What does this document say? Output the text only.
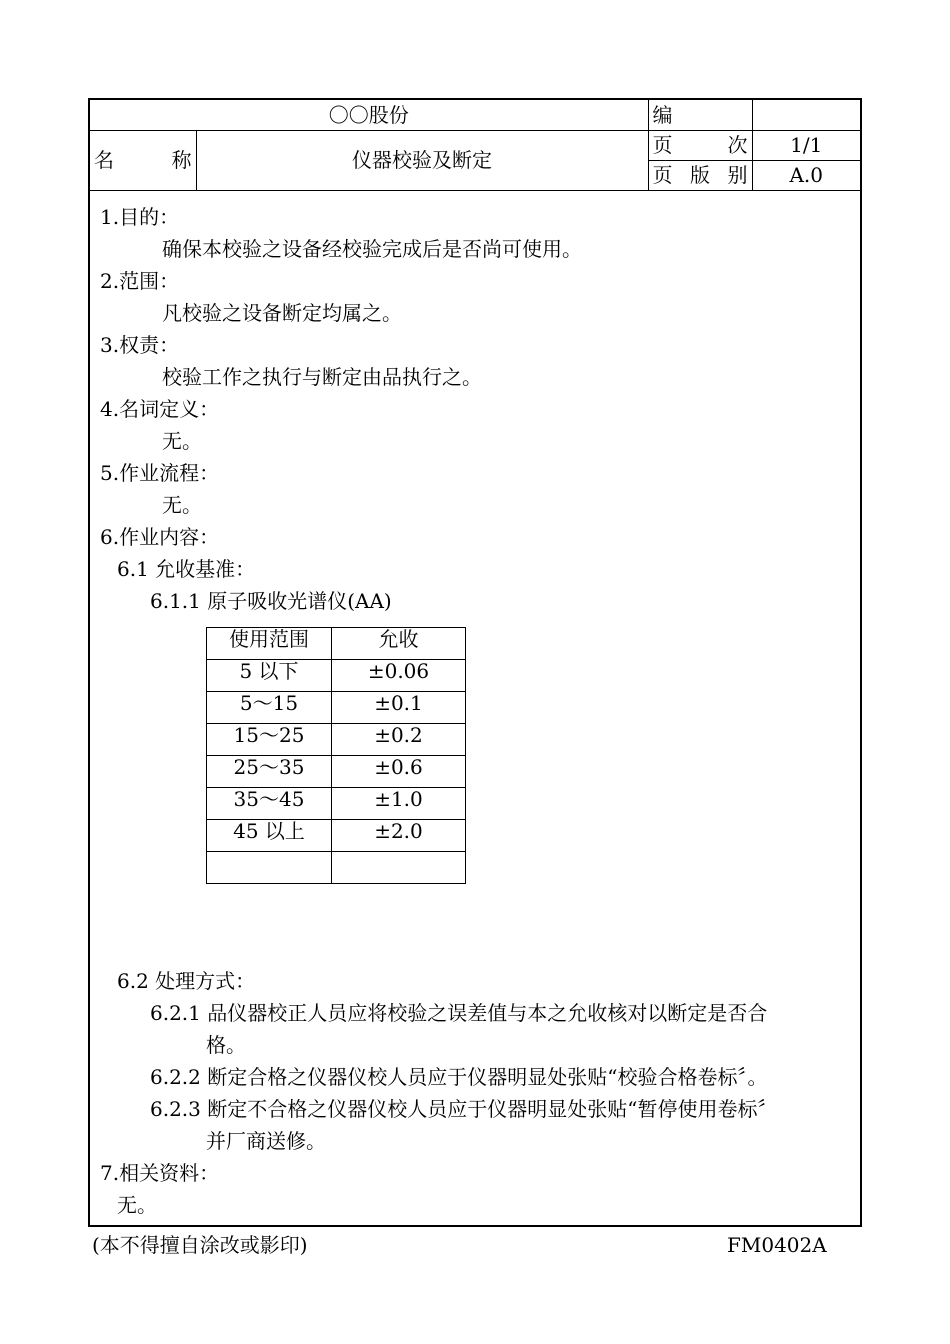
〇〇股份		编	

名 称	仪器校验及断定	页 次	1/1

		页 版 别	A.0
1.目的：
确保本校验之设备经校验完成后是否尚可使用。
2.范围：
凡校验之设备断定均属之。
3.权责：
校验工作之执行与断定由品执行之。
4.名词定义：
无。
5.作业流程：
无。
6.作业内容：
6.1 允收基准：
6.1.1 原子吸收光谱仪(AA)
6.2 处理方式：
6.2.1 品仪器校正人员应将校验之误差值与本之允收核对以断定是否合
格。
6.2.2 断定合格之仪器仪校人员应于仪器明显处张贴“校验合格卷标〞。
6.2.3 断定不合格之仪器仪校人员应于仪器明显处张贴“暂停使用卷标〞
并厂商送修。
7.相关资料：
无。
使用范围	允收
5 以下	±0.06
5～15	±0.1
15～25	±0.2
25～35	±0.6
35～45	±1.0
45 以上	±2.0

(本不得擅自涂改或影印)	FM0402A
